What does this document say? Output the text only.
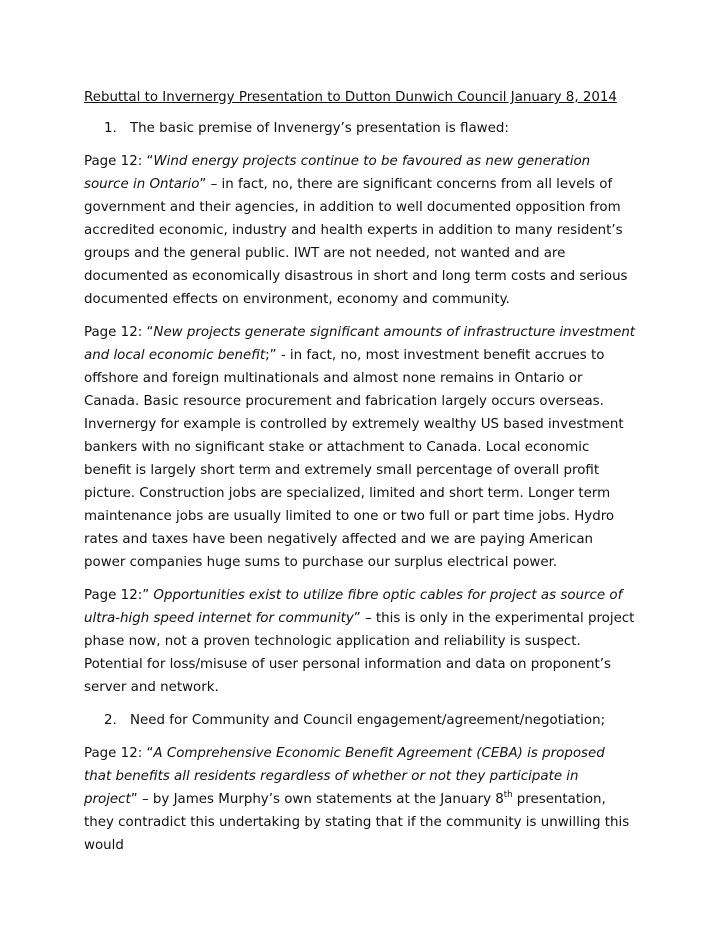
Rebuttal to Invernergy Presentation to Dutton Dunwich Council January 8, 2014
1. The basic premise of Invenergy’s presentation is flawed:
Page 12: “Wind energy projects continue to be favoured as new generation source in Ontario” – in fact, no, there are significant concerns from all levels of government and their agencies, in addition to well documented opposition from accredited economic, industry and health experts in addition to many resident’s groups and the general public. IWT are not needed, not wanted and are documented as economically disastrous in short and long term costs and serious documented effects on environment, economy and community.
Page 12: “New projects generate significant amounts of infrastructure investment and local economic benefit;” - in fact, no, most investment benefit accrues to offshore and foreign multinationals and almost none remains in Ontario or Canada. Basic resource procurement and fabrication largely occurs overseas. Invernergy for example is controlled by extremely wealthy US based investment bankers with no significant stake or attachment to Canada. Local economic benefit is largely short term and extremely small percentage of overall profit picture. Construction jobs are specialized, limited and short term. Longer term maintenance jobs are usually limited to one or two full or part time jobs. Hydro rates and taxes have been negatively affected and we are paying American power companies huge sums to purchase our surplus electrical power.
Page 12:” Opportunities exist to utilize fibre optic cables for project as source of ultra-high speed internet for community” – this is only in the experimental project phase now, not a proven technologic application and reliability is suspect. Potential for loss/misuse of user personal information and data on proponent’s server and network.
2. Need for Community and Council engagement/agreement/negotiation;
Page 12: “A Comprehensive Economic Benefit Agreement (CEBA) is proposed that benefits all residents regardless of whether or not they participate in project” – by James Murphy’s own statements at the January 8th presentation, they contradict this undertaking by stating that if the community is unwilling this would
